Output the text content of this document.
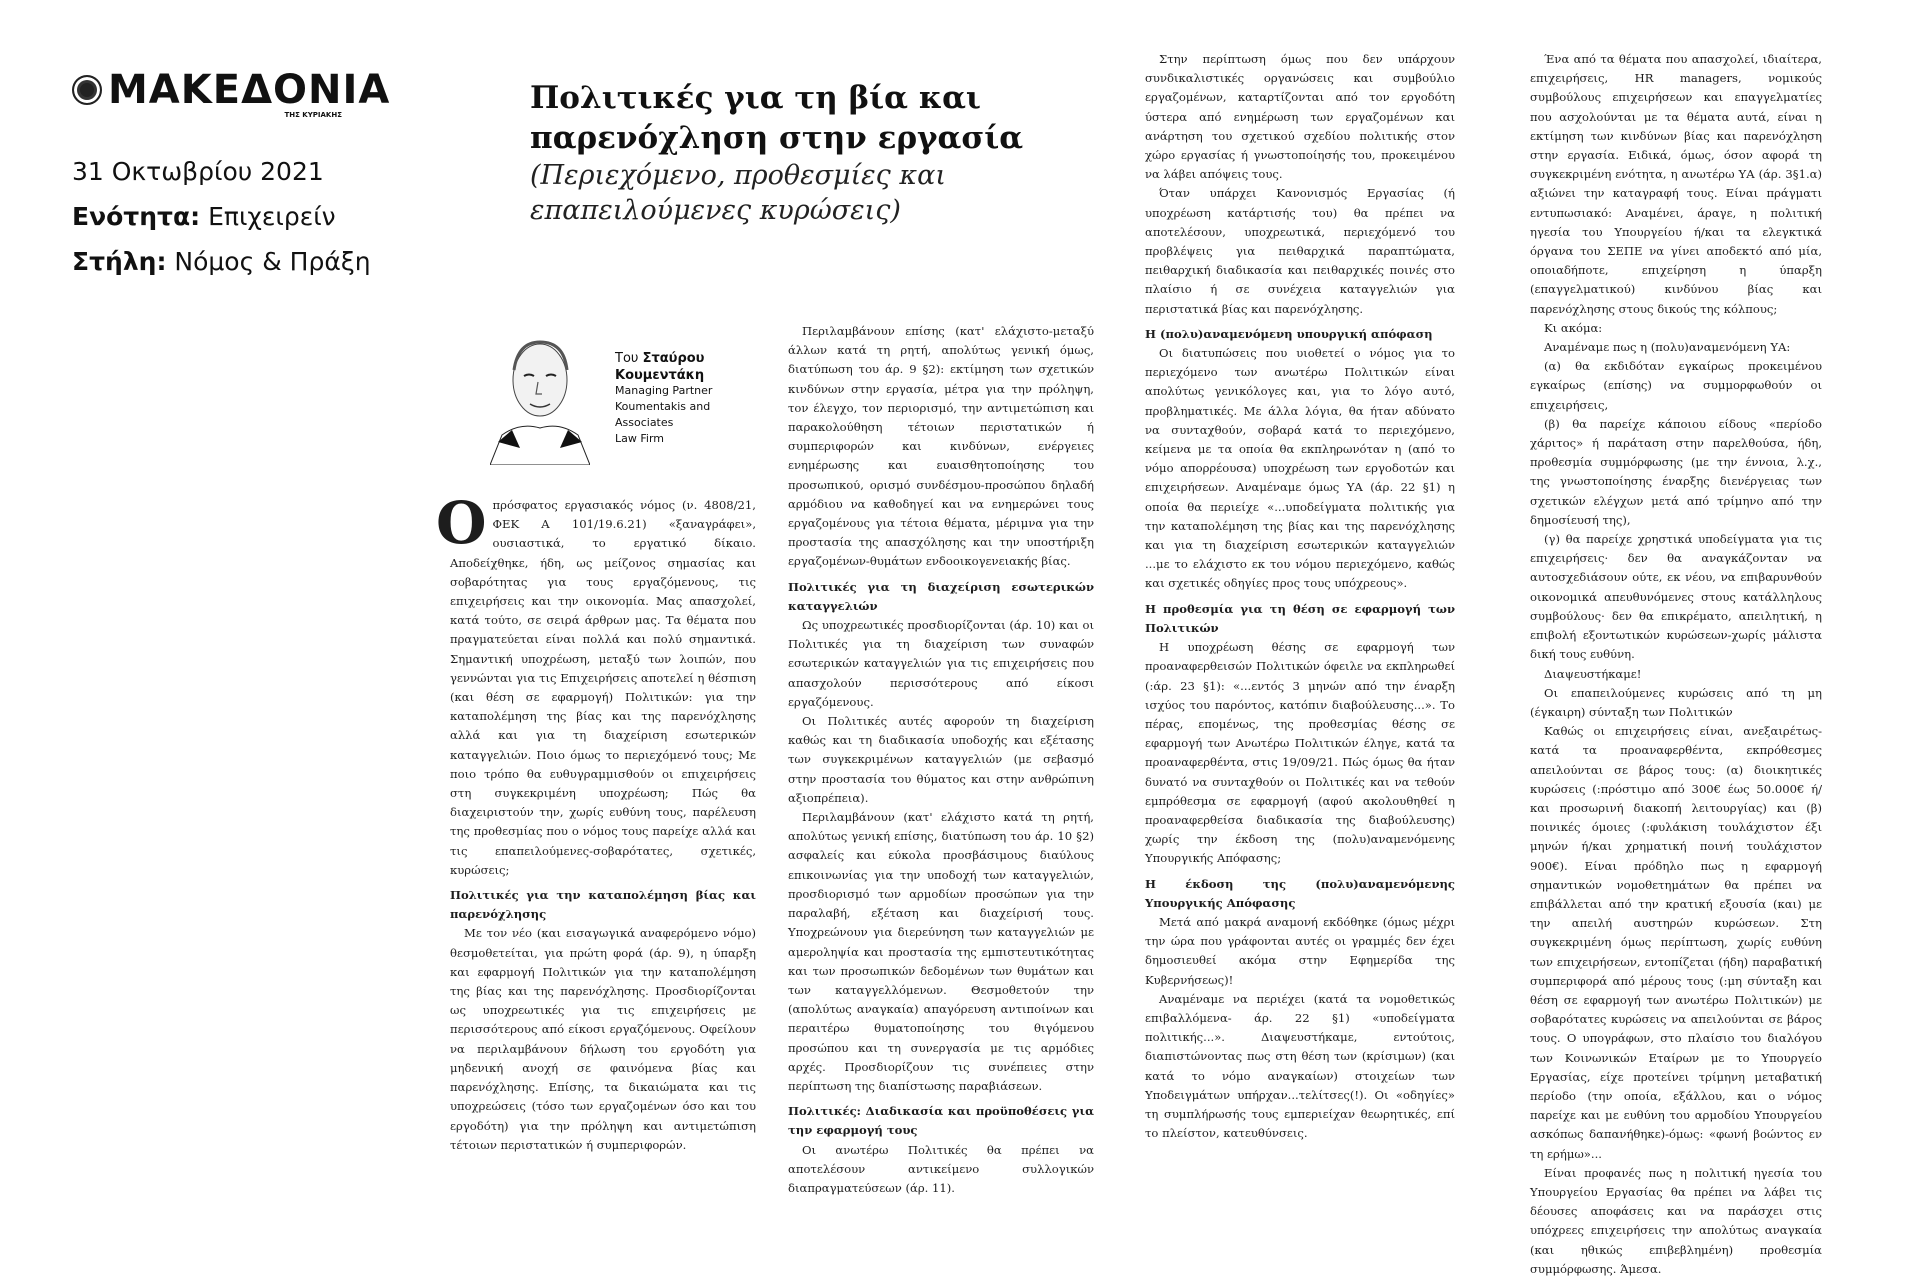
ΜΑΚΕΔΟΝΙΑ
ΤΗΣ ΚΥΡΙΑΚΗΣ
31 Οκτωβρίου 2021
Ενότητα: Επιχειρείν
Στήλη: Νόμος & Πράξη
Πολιτικές για τη βία και παρενόχληση στην εργασία
(Περιεχόμενο, προθεσμίες και επαπειλούμενες κυρώσεις)
Του Σταύρου
Κουμεντάκη
Managing Partner
Koumentakis and
Associates
Law Firm

Οπρόσφατος εργασιακός νόμος (ν. 4808/21, ΦΕΚ Α 101/19.6.21) «ξαναγράφει», ουσιαστικά, το εργατικό δίκαιο. Αποδείχθηκε, ήδη, ως μείζονος σημασίας και σοβαρότητας για τους εργαζόμενους, τις επιχειρήσεις και την οικονομία. Μας απασχολεί, κατά τούτο, σε σειρά άρθρων μας. Τα θέματα που πραγματεύεται είναι πολλά και πολύ σημαντικά. Σημαντική υποχρέωση, μεταξύ των λοιπών, που γεννώνται για τις Επιχειρήσεις αποτελεί η θέσπιση (και θέση σε εφαρμογή) Πολιτικών: για την καταπολέμηση της βίας και της παρενόχλησης αλλά και για τη διαχείριση εσωτερικών καταγγελιών. Ποιο όμως το περιεχόμενό τους; Με ποιο τρόπο θα ευθυγραμμισθούν οι επιχειρήσεις στη συγκεκριμένη υποχρέωση; Πώς θα διαχειριστούν την, χωρίς ευθύνη τους, παρέλευση της προθεσμίας που ο νόμος τους παρείχε αλλά και τις επαπειλούμενες-σοβαρότατες, σχετικές, κυρώσεις;

Πολιτικές για την καταπολέμηση βίας και παρενόχλησης

Με τον νέο (και εισαγωγικά αναφερόμενο νόμο) θεσμοθετείται, για πρώτη φορά (άρ. 9), η ύπαρξη και εφαρμογή Πολιτικών για την καταπολέμηση της βίας και της παρενόχλησης. Προσδιορίζονται ως υποχρεωτικές για τις επιχειρήσεις με περισσότερους από είκοσι εργαζόμενους. Οφείλουν να περιλαμβάνουν δήλωση του εργοδότη για μηδενική ανοχή σε φαινόμενα βίας και παρενόχλησης. Επίσης, τα δικαιώματα και τις υποχρεώσεις (τόσο των εργαζομένων όσο και του εργοδότη) για την πρόληψη και αντιμετώπιση τέτοιων περιστατικών ή συμπεριφορών.

Περιλαμβάνουν επίσης (κατ' ελάχιστο-μεταξύ άλλων κατά τη ρητή, απολύτως γενική όμως, διατύπωση του άρ. 9 §2): εκτίμηση των σχετικών κινδύνων στην εργασία, μέτρα για την πρόληψη, τον έλεγχο, τον περιορισμό, την αντιμετώπιση και παρακολούθηση τέτοιων περιστατικών ή συμπεριφορών και κινδύνων, ενέργειες ενημέρωσης και ευαισθητοποίησης του προσωπικού, ορισμό συνδέσμου-προσώπου δηλαδή αρμόδιου να καθοδηγεί και να ενημερώνει τους εργαζομένους για τέτοια θέματα, μέριμνα για την προστασία της απασχόλησης και την υποστήριξη εργαζομένων-θυμάτων ενδοοικογενειακής βίας.

Πολιτικές για τη διαχείριση εσωτερικών καταγγελιών

Ως υποχρεωτικές προσδιορίζονται (άρ. 10) και οι Πολιτικές για τη διαχείριση των συναφών εσωτερικών καταγγελιών για τις επιχειρήσεις που απασχολούν περισσότερους από είκοσι εργαζόμενους.

Οι Πολιτικές αυτές αφορούν τη διαχείριση καθώς και τη διαδικασία υποδοχής και εξέτασης των συγκεκριμένων καταγγελιών (με σεβασμό στην προστασία του θύματος και στην ανθρώπινη αξιοπρέπεια).

Περιλαμβάνουν (κατ' ελάχιστο κατά τη ρητή, απολύτως γενική επίσης, διατύπωση του άρ. 10 §2) ασφαλείς και εύκολα προσβάσιμους διαύλους επικοινωνίας για την υποδοχή των καταγγελιών, προσδιορισμό των αρμοδίων προσώπων για την παραλαβή, εξέταση και διαχείρισή τους. Υποχρεώνουν για διερεύνηση των καταγγελιών με αμεροληψία και προστασία της εμπιστευτικότητας και των προσωπικών δεδομένων των θυμάτων και των καταγγελλόμενων. Θεσμοθετούν την (απολύτως αναγκαία) απαγόρευση αντιποίνων και περαιτέρω θυματοποίησης του θιγόμενου προσώπου και τη συνεργασία με τις αρμόδιες αρχές. Προσδιορίζουν τις συνέπειες στην περίπτωση της διαπίστωσης παραβιάσεων.

Πολιτικές: Διαδικασία και προϋποθέσεις για την εφαρμογή τους

Οι ανωτέρω Πολιτικές θα πρέπει να αποτελέσουν αντικείμενο συλλογικών διαπραγματεύσεων (άρ. 11).

Στην περίπτωση όμως που δεν υπάρχουν συνδικαλιστικές οργανώσεις και συμβούλιο εργαζομένων, καταρτίζονται από τον εργοδότη ύστερα από ενημέρωση των εργαζομένων και ανάρτηση του σχετικού σχεδίου πολιτικής στον χώρο εργασίας ή γνωστοποίησής του, προκειμένου να λάβει απόψεις τους.

Όταν υπάρχει Κανονισμός Εργασίας (ή υποχρέωση κατάρτισής του) θα πρέπει να αποτελέσουν, υποχρεωτικά, περιεχόμενό του προβλέψεις για πειθαρχικά παραπτώματα, πειθαρχική διαδικασία και πειθαρχικές ποινές στο πλαίσιο ή σε συνέχεια καταγγελιών για περιστατικά βίας και παρενόχλησης.

Η (πολυ)αναμενόμενη υπουργική απόφαση

Οι διατυπώσεις που υιοθετεί ο νόμος για το περιεχόμενο των ανωτέρω Πολιτικών είναι απολύτως γενικόλογες και, για το λόγο αυτό, προβληματικές. Με άλλα λόγια, θα ήταν αδύνατο να συνταχθούν, σοβαρά κατά το περιεχόμενο, κείμενα με τα οποία θα εκπληρωνόταν η (από το νόμο απορρέουσα) υποχρέωση των εργοδοτών και επιχειρήσεων. Αναμέναμε όμως ΥΑ (άρ. 22 §1) η οποία θα περιείχε «...υποδείγματα πολιτικής για την καταπολέμηση της βίας και της παρενόχλησης και για τη διαχείριση εσωτερικών καταγγελιών ...με το ελάχιστο εκ του νόμου περιεχόμενο, καθώς και σχετικές οδηγίες προς τους υπόχρεους».

Η προθεσμία για τη θέση σε εφαρμογή των Πολιτικών

Η υποχρέωση θέσης σε εφαρμογή των προαναφερθεισών Πολιτικών όφειλε να εκπληρωθεί (:άρ. 23 §1): «...εντός 3 μηνών από την έναρξη ισχύος του παρόντος, κατόπιν διαβούλευσης...». Το πέρας, επομένως, της προθεσμίας θέσης σε εφαρμογή των Ανωτέρω Πολιτικών έληγε, κατά τα προαναφερθέντα, στις 19/09/21. Πώς όμως θα ήταν δυνατό να συνταχθούν οι Πολιτικές και να τεθούν εμπρόθεσμα σε εφαρμογή (αφού ακολουθηθεί η προαναφερθείσα διαδικασία της διαβούλευσης) χωρίς την έκδοση της (πολυ)αναμενόμενης Υπουργικής Απόφασης;

Η έκδοση της (πολυ)αναμενόμενης Υπουργικής Απόφασης

Μετά από μακρά αναμονή εκδόθηκε (όμως μέχρι την ώρα που γράφονται αυτές οι γραμμές δεν έχει δημοσιευθεί ακόμα στην Εφημερίδα της Κυβερνήσεως)!

Αναμέναμε να περιέχει (κατά τα νομοθετικώς επιβαλλόμενα- άρ. 22 §1) «υποδείγματα πολιτικής...». Διαψευστήκαμε, εντούτοις, διαπιστώνοντας πως στη θέση των (κρίσιμων) (και κατά το νόμο αναγκαίων) στοιχείων των Υποδειγμάτων υπήρχαν...τελίτσες(!). Οι «οδηγίες» τη συμπλήρωσής τους εμπεριείχαν θεωρητικές, επί το πλείστον, κατευθύνσεις.

Ένα από τα θέματα που απασχολεί, ιδιαίτερα, επιχειρήσεις, HR managers, νομικούς συμβούλους επιχειρήσεων και επαγγελματίες που ασχολούνται με τα θέματα αυτά, είναι η εκτίμηση των κινδύνων βίας και παρενόχληση στην εργασία. Ειδικά, όμως, όσον αφορά τη συγκεκριμένη ενότητα, η ανωτέρω ΥΑ (άρ. 3§1.α) αξιώνει την καταγραφή τους. Είναι πράγματι εντυπωσιακό: Αναμένει, άραγε, η πολιτική ηγεσία του Υπουργείου ή/και τα ελεγκτικά όργανα του ΣΕΠΕ να γίνει αποδεκτό από μία, οποιαδήποτε, επιχείρηση η ύπαρξη (επαγγελματικού) κινδύνου βίας και παρενόχλησης στους δικούς της κόλπους;

Κι ακόμα:

Αναμέναμε πως η (πολυ)αναμενόμενη ΥΑ:

(α) θα εκδιδόταν εγκαίρως προκειμένου εγκαίρως (επίσης) να συμμορφωθούν οι επιχειρήσεις,

(β) θα παρείχε κάποιου είδους «περίοδο χάριτος» ή παράταση στην παρελθούσα, ήδη, προθεσμία συμμόρφωσης (με την έννοια, λ.χ., της γνωστοποίησης έναρξης διενέργειας των σχετικών ελέγχων μετά από τρίμηνο από την δημοσίευσή της),

(γ) θα παρείχε χρηστικά υποδείγματα για τις επιχειρήσεις· δεν θα αναγκάζονταν να αυτοσχεδιάσουν ούτε, εκ νέου, να επιβαρυνθούν οικονομικά απευθυνόμενες στους κατάλληλους συμβούλους· δεν θα επικρέματο, απειλητική, η επιβολή εξοντωτικών κυρώσεων-χωρίς μάλιστα δική τους ευθύνη.

Διαψευστήκαμε!

Οι επαπειλούμενες κυρώσεις από τη μη (έγκαιρη) σύνταξη των Πολιτικών

Καθώς οι επιχειρήσεις είναι, ανεξαιρέτως-κατά τα προαναφερθέντα, εκπρόθεσμες απειλούνται σε βάρος τους: (α) διοικητικές κυρώσεις (:πρόστιμο από 300€ έως 50.000€ ή/και προσωρινή διακοπή λειτουργίας) και (β) ποινικές όμοιες (:φυλάκιση τουλάχιστον έξι μηνών ή/και χρηματική ποινή τουλάχιστον 900€). Είναι πρόδηλο πως η εφαρμογή σημαντικών νομοθετημάτων θα πρέπει να επιβάλλεται από την κρατική εξουσία (και) με την απειλή αυστηρών κυρώσεων. Στη συγκεκριμένη όμως περίπτωση, χωρίς ευθύνη των επιχειρήσεων, εντοπίζεται (ήδη) παραβατική συμπεριφορά από μέρους τους (:μη σύνταξη και θέση σε εφαρμογή των ανωτέρω Πολιτικών) με σοβαρότατες κυρώσεις να απειλούνται σε βάρος τους. Ο υπογράφων, στο πλαίσιο του διαλόγου των Κοινωνικών Εταίρων με το Υπουργείο Εργασίας, είχε προτείνει τρίμηνη μεταβατική περίοδο (την οποία, εξάλλου, και ο νόμος παρείχε και με ευθύνη του αρμοδίου Υπουργείου ασκόπως δαπανήθηκε)-όμως: «φωνή βοώντος εν τη ερήμω»...

Είναι προφανές πως η πολιτική ηγεσία του Υπουργείου Εργασίας θα πρέπει να λάβει τις δέουσες αποφάσεις και να παράσχει στις υπόχρεες επιχειρήσεις την απολύτως αναγκαία (και ηθικώς επιβεβλημένη) προθεσμία συμμόρφωσης. Άμεσα.
